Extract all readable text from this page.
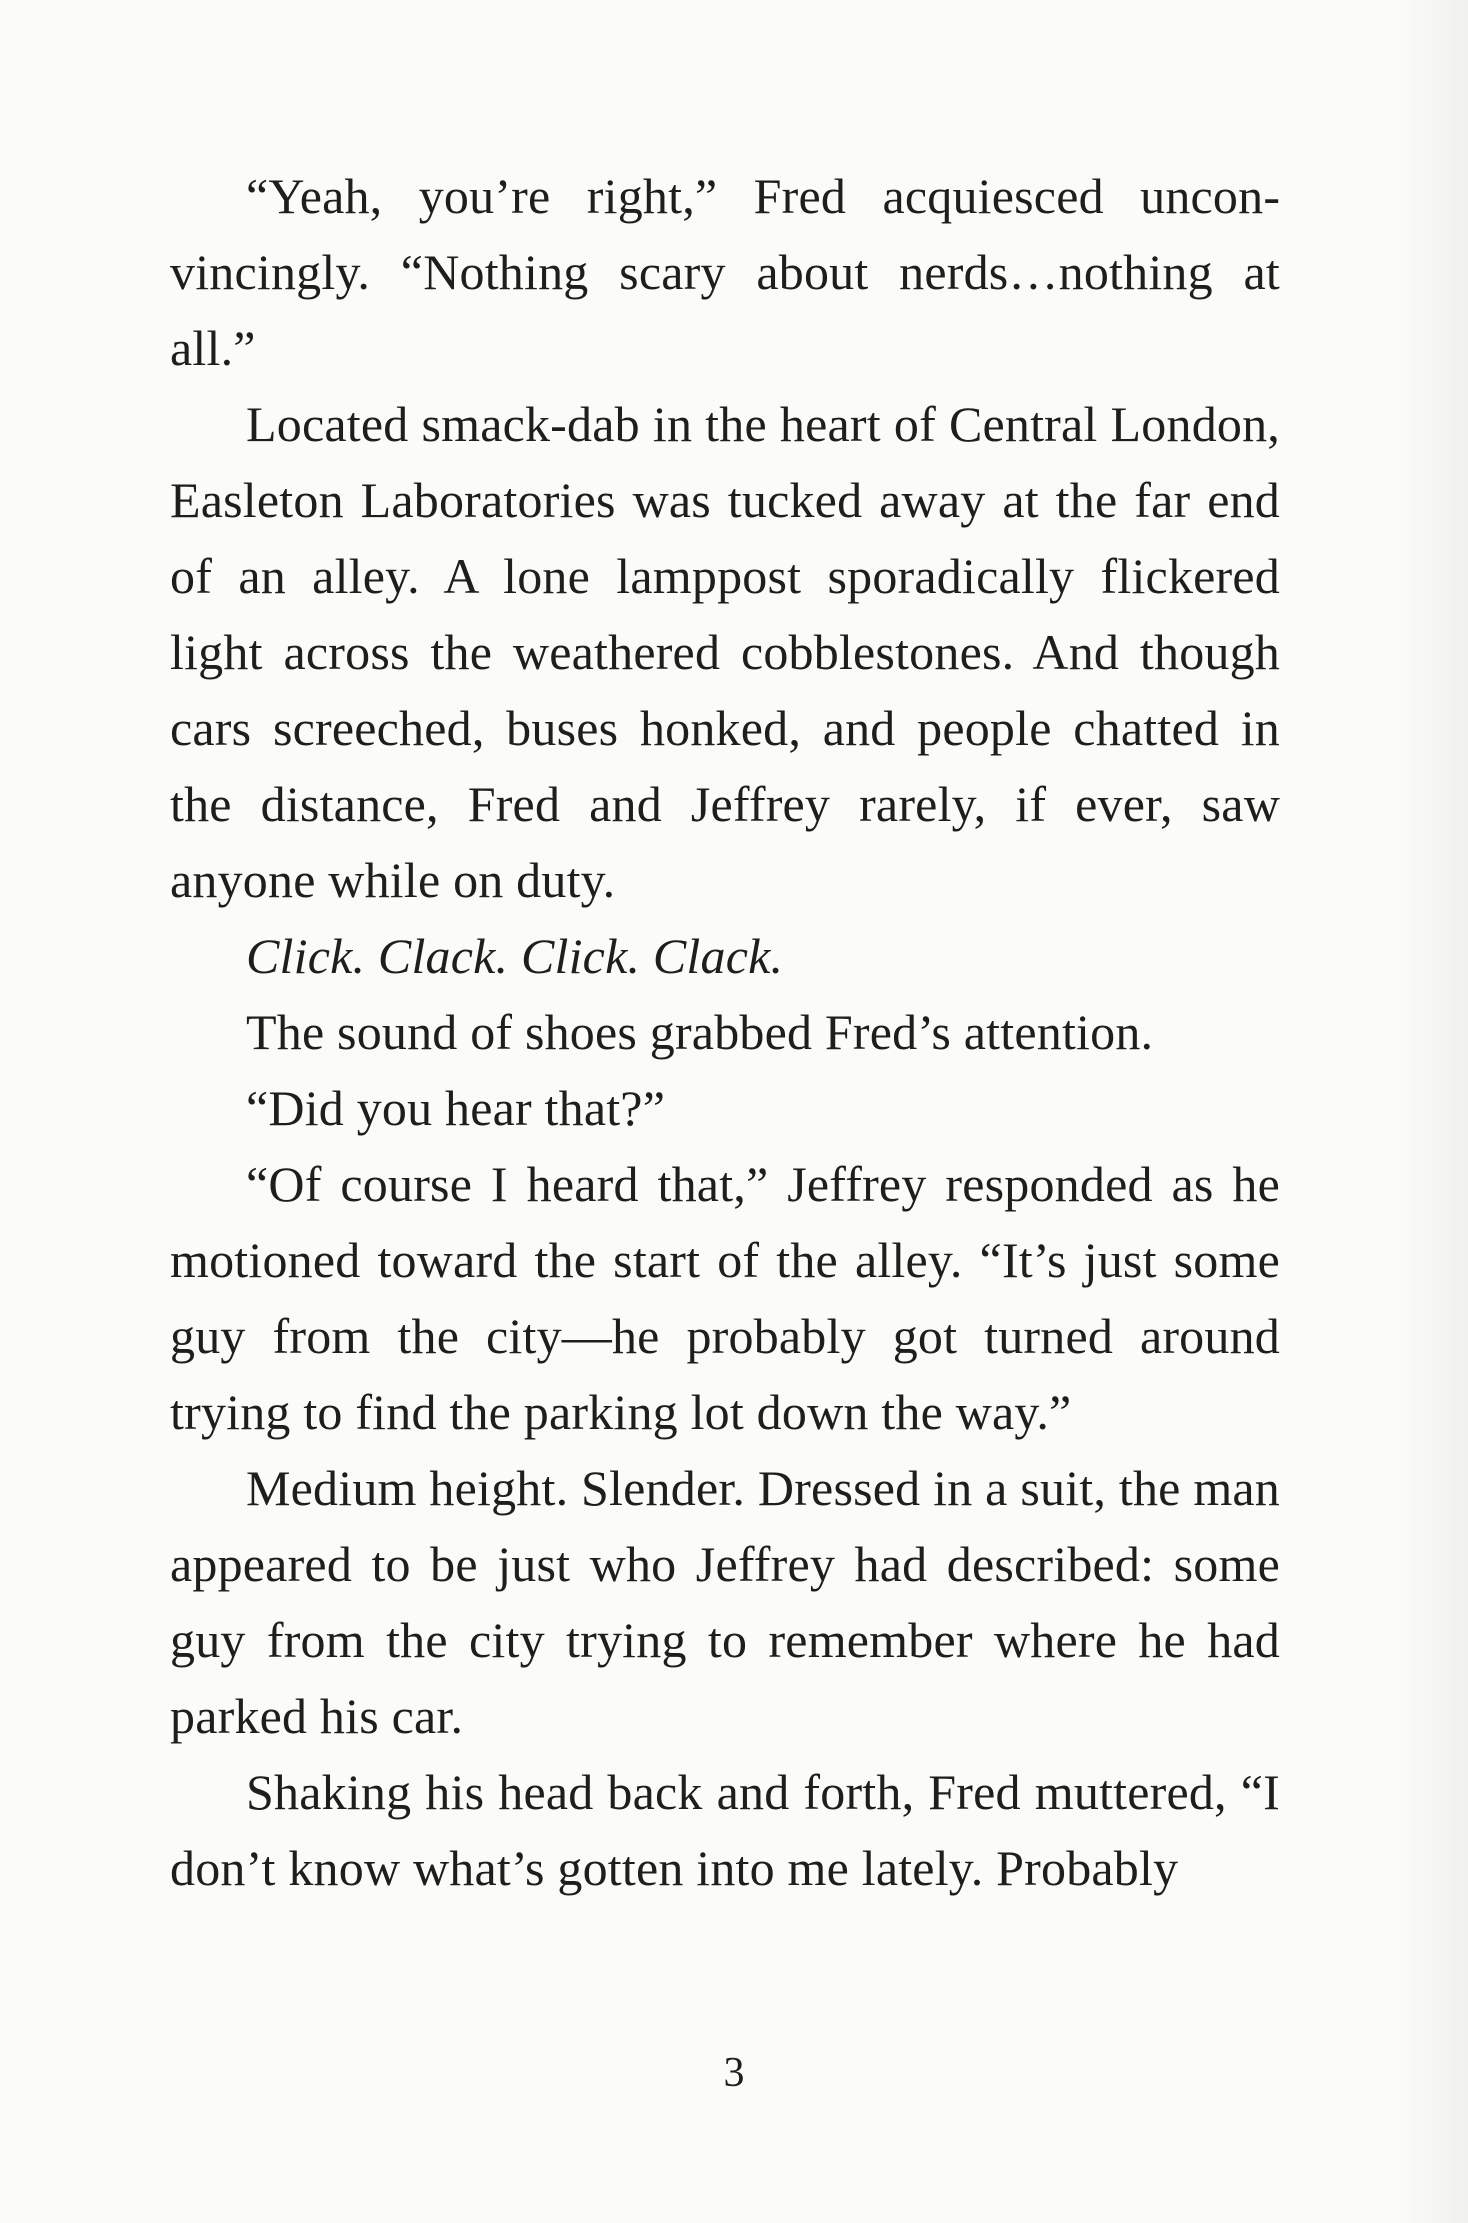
“Yeah, you’re right,” Fred acquiesced unconvincingly. “Nothing scary about nerds…nothing at all.”

Located smack-dab in the heart of Central London, Easleton Laboratories was tucked away at the far end of an alley. A lone lamppost sporadically flickered light across the weathered cobblestones. And though cars screeched, buses honked, and people chatted in the distance, Fred and Jeffrey rarely, if ever, saw anyone while on duty.

Click. Clack. Click. Clack.

The sound of shoes grabbed Fred’s attention.

“Did you hear that?”

“Of course I heard that,” Jeffrey responded as he motioned toward the start of the alley. “It’s just some guy from the city—he probably got turned around trying to find the parking lot down the way.”

Medium height. Slender. Dressed in a suit, the man appeared to be just who Jeffrey had described: some guy from the city trying to remember where he had parked his car.

Shaking his head back and forth, Fred muttered, “I don’t know what’s gotten into me lately. Probably

3
